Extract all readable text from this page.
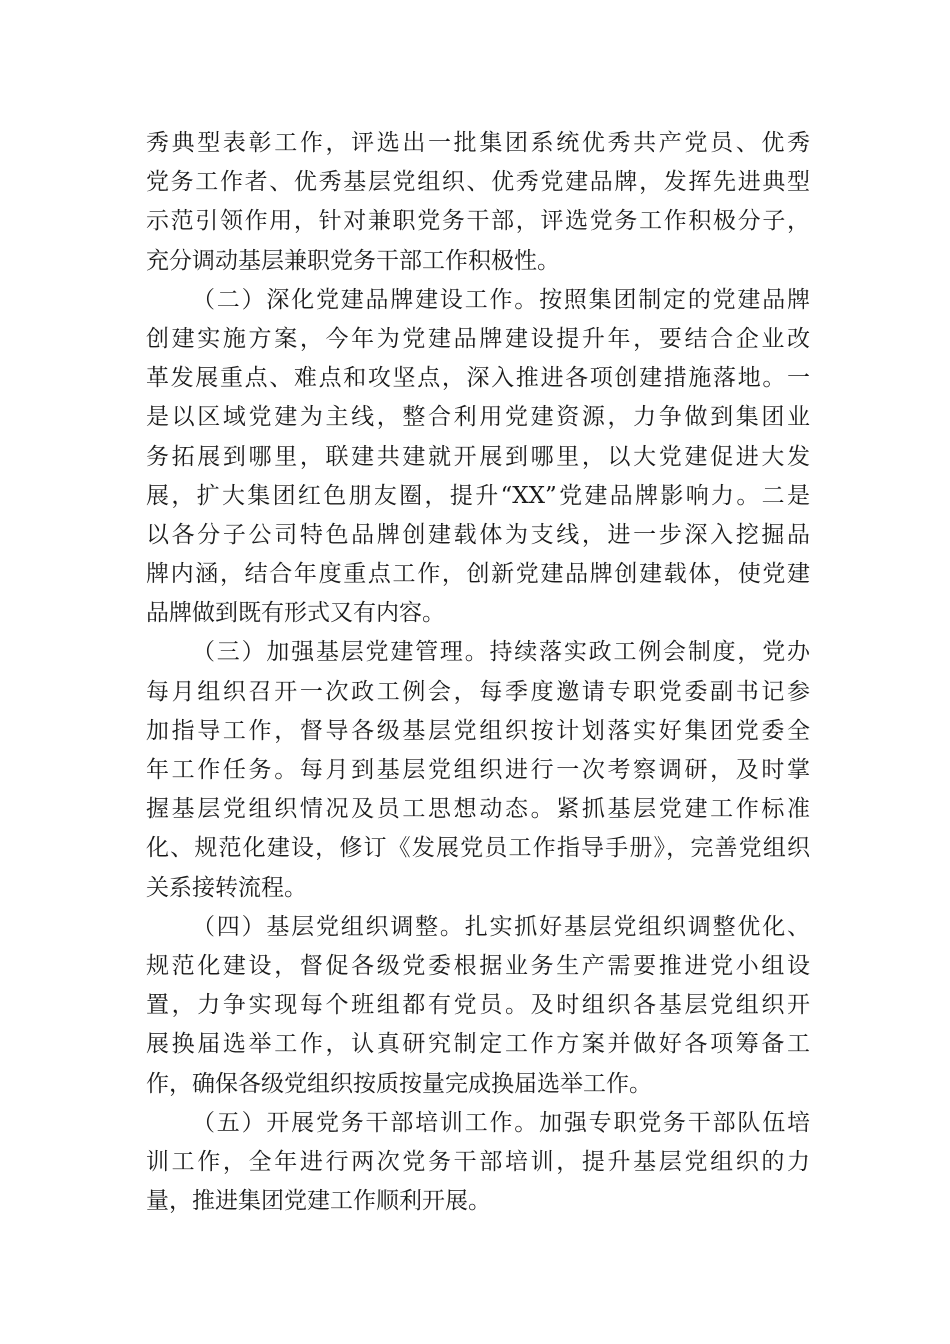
秀典型表彰工作，评选出一批集团系统优秀共产党员、优秀
党务工作者、优秀基层党组织、优秀党建品牌，发挥先进典型
示范引领作用，针对兼职党务干部，评选党务工作积极分子，
充分调动基层兼职党务干部工作积极性。
（二）深化党建品牌建设工作。按照集团制定的党建品牌
创建实施方案，今年为党建品牌建设提升年，要结合企业改
革发展重点、难点和攻坚点，深入推进各项创建措施落地。一
是以区域党建为主线，整合利用党建资源，力争做到集团业
务拓展到哪里，联建共建就开展到哪里，以大党建促进大发
展，扩大集团红色朋友圈，提升“XX”党建品牌影响力。二是
以各分子公司特色品牌创建载体为支线，进一步深入挖掘品
牌内涵，结合年度重点工作，创新党建品牌创建载体，使党建
品牌做到既有形式又有内容。
（三）加强基层党建管理。持续落实政工例会制度，党办
每月组织召开一次政工例会，每季度邀请专职党委副书记参
加指导工作，督导各级基层党组织按计划落实好集团党委全
年工作任务。每月到基层党组织进行一次考察调研，及时掌
握基层党组织情况及员工思想动态。紧抓基层党建工作标准
化、规范化建设，修订《发展党员工作指导手册》，完善党组织
关系接转流程。
（四）基层党组织调整。扎实抓好基层党组织调整优化、
规范化建设，督促各级党委根据业务生产需要推进党小组设
置，力争实现每个班组都有党员。及时组织各基层党组织开
展换届选举工作，认真研究制定工作方案并做好各项筹备工
作，确保各级党组织按质按量完成换届选举工作。
（五）开展党务干部培训工作。加强专职党务干部队伍培
训工作，全年进行两次党务干部培训，提升基层党组织的力
量，推进集团党建工作顺利开展。
